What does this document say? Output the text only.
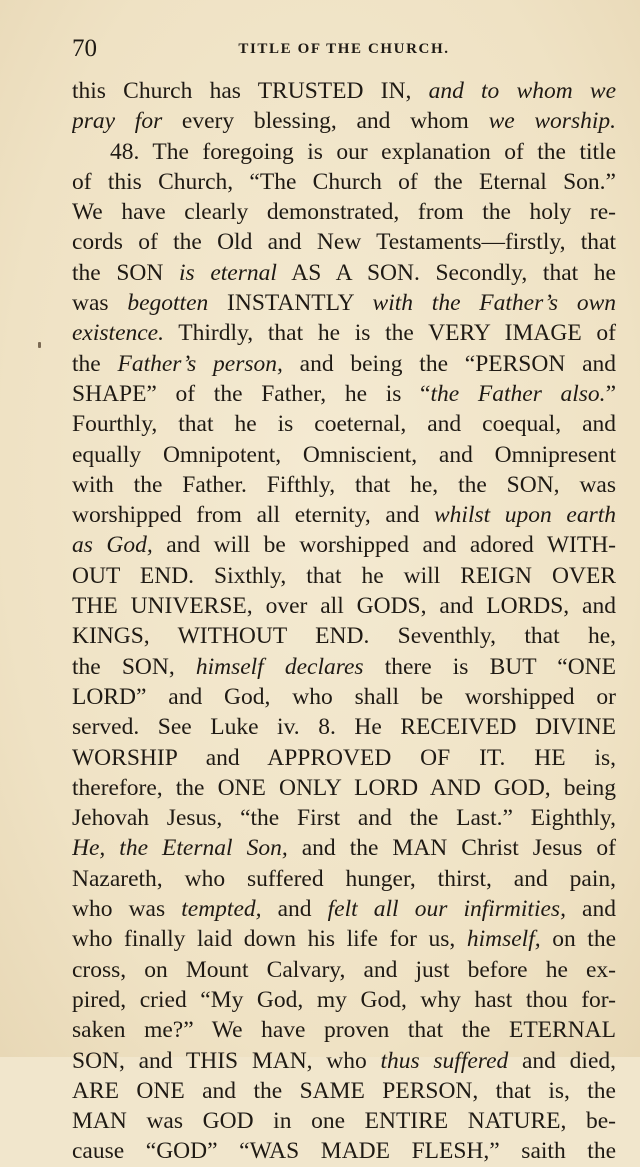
70	TITLE OF THE CHURCH.
this Church has TRUSTED IN, and to whom we
pray for every blessing, and whom we worship.
48. The foregoing is our explanation of the title
of this Church, “The Church of the Eternal Son.”
We have clearly demonstrated, from the holy re-
cords of the Old and New Testaments—firstly, that
the SON is eternal AS A SON. Secondly, that he
was begotten INSTANTLY with the Father’s own
existence. Thirdly, that he is the VERY IMAGE of
the Father’s person, and being the “PERSON and
SHAPE” of the Father, he is “the Father also.”
Fourthly, that he is coeternal, and coequal, and
equally Omnipotent, Omniscient, and Omnipresent
with the Father. Fifthly, that he, the SON, was
worshipped from all eternity, and whilst upon earth
as God, and will be worshipped and adored WITH-
OUT END. Sixthly, that he will REIGN OVER
THE UNIVERSE, over all GODS, and LORDS, and
KINGS, WITHOUT END. Seventhly, that he,
the SON, himself declares there is BUT “ONE
LORD” and God, who shall be worshipped or
served. See Luke iv. 8. He RECEIVED DIVINE
WORSHIP and APPROVED OF IT. HE is,
therefore, the ONE ONLY LORD AND GOD, being
Jehovah Jesus, “the First and the Last.” Eighthly,
He, the Eternal Son, and the MAN Christ Jesus of
Nazareth, who suffered hunger, thirst, and pain,
who was tempted, and felt all our infirmities, and
who finally laid down his life for us, himself, on the
cross, on Mount Calvary, and just before he ex-
pired, cried “My God, my God, why hast thou for-
saken me?” We have proven that the ETERNAL
SON, and THIS MAN, who thus suffered and died,
ARE ONE and the SAME PERSON, that is, the
MAN was GOD in one ENTIRE NATURE, be-
cause “GOD” “WAS MADE FLESH,” saith the
